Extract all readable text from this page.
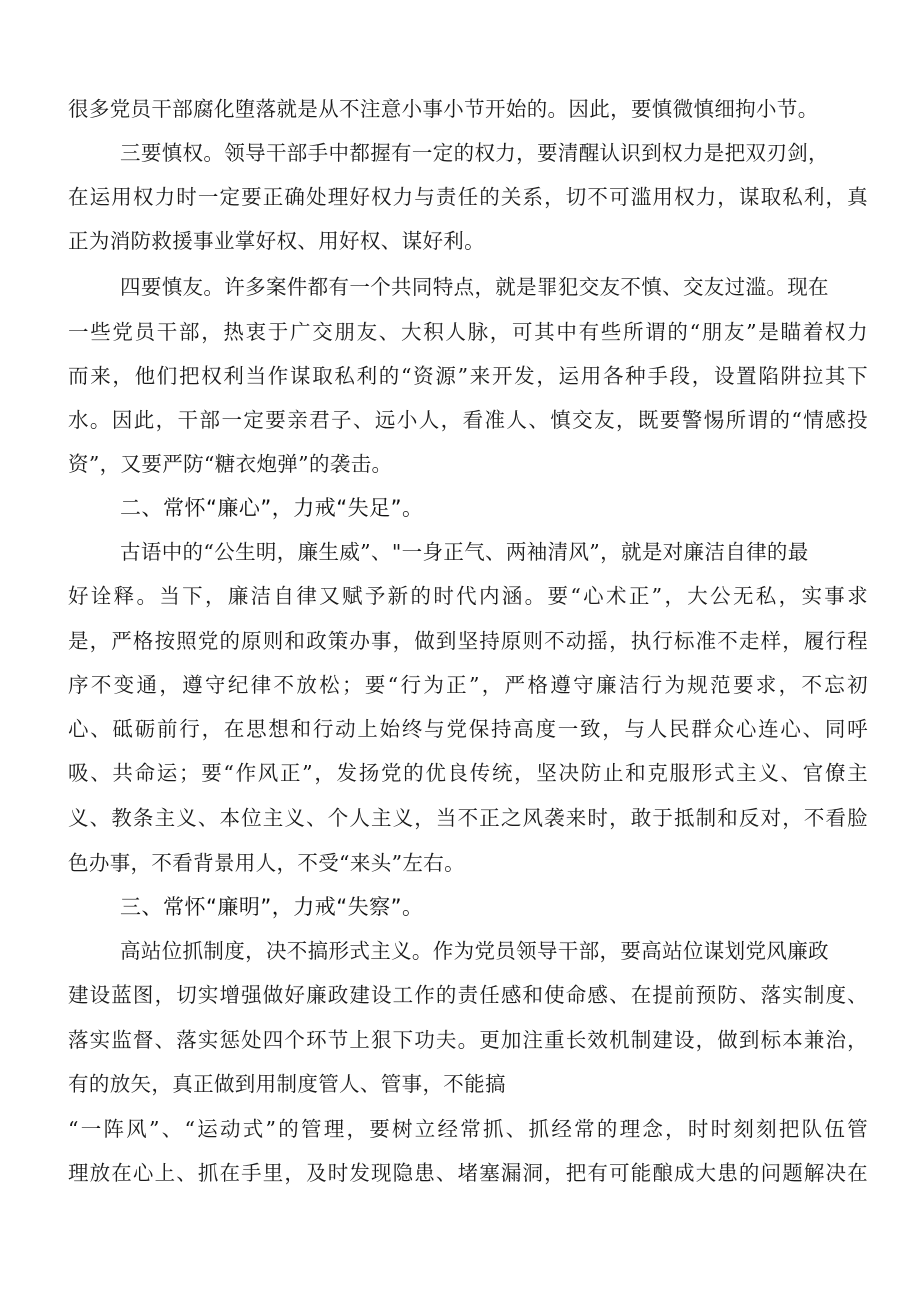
很多党员干部腐化堕落就是从不注意小事小节开始的。因此，要慎微慎细拘小节。
三要慎权。领导干部手中都握有一定的权力，要清醒认识到权力是把双刃剑，
在运用权力时一定要正确处理好权力与责任的关系，切不可滥用权力，谋取私利，真
正为消防救援事业掌好权、用好权、谋好利。
四要慎友。许多案件都有一个共同特点，就是罪犯交友不慎、交友过滥。现在
一些党员干部，热衷于广交朋友、大积人脉，可其中有些所谓的“朋友”是瞄着权力
而来，他们把权利当作谋取私利的“资源”来开发，运用各种手段，设置陷阱拉其下
水。因此，干部一定要亲君子、远小人，看准人、慎交友，既要警惕所谓的“情感投
资”，又要严防“糖衣炮弹”的袭击。
二、常怀“廉心”，力戒“失足”。
古语中的“公生明，廉生威”、"一身正气、两袖清风”，就是对廉洁自律的最
好诠释。当下，廉洁自律又赋予新的时代内涵。要“心术正”，大公无私，实事求
是，严格按照党的原则和政策办事，做到坚持原则不动摇，执行标准不走样，履行程
序不变通，遵守纪律不放松；要“行为正”，严格遵守廉洁行为规范要求，不忘初
心、砥砺前行，在思想和行动上始终与党保持高度一致，与人民群众心连心、同呼
吸、共命运；要“作风正”，发扬党的优良传统，坚决防止和克服形式主义、官僚主
义、教条主义、本位主义、个人主义，当不正之风袭来时，敢于抵制和反对，不看脸
色办事，不看背景用人，不受“来头”左右。
三、常怀“廉明”，力戒“失察”。
高站位抓制度，决不搞形式主义。作为党员领导干部，要高站位谋划党风廉政
建设蓝图，切实增强做好廉政建设工作的责任感和使命感、在提前预防、落实制度、
落实监督、落实惩处四个环节上狠下功夫。更加注重长效机制建设，做到标本兼治，
有的放矢，真正做到用制度管人、管事，不能搞
“一阵风”、“运动式”的管理，要树立经常抓、抓经常的理念，时时刻刻把队伍管
理放在心上、抓在手里，及时发现隐患、堵塞漏洞，把有可能酿成大患的问题解决在
